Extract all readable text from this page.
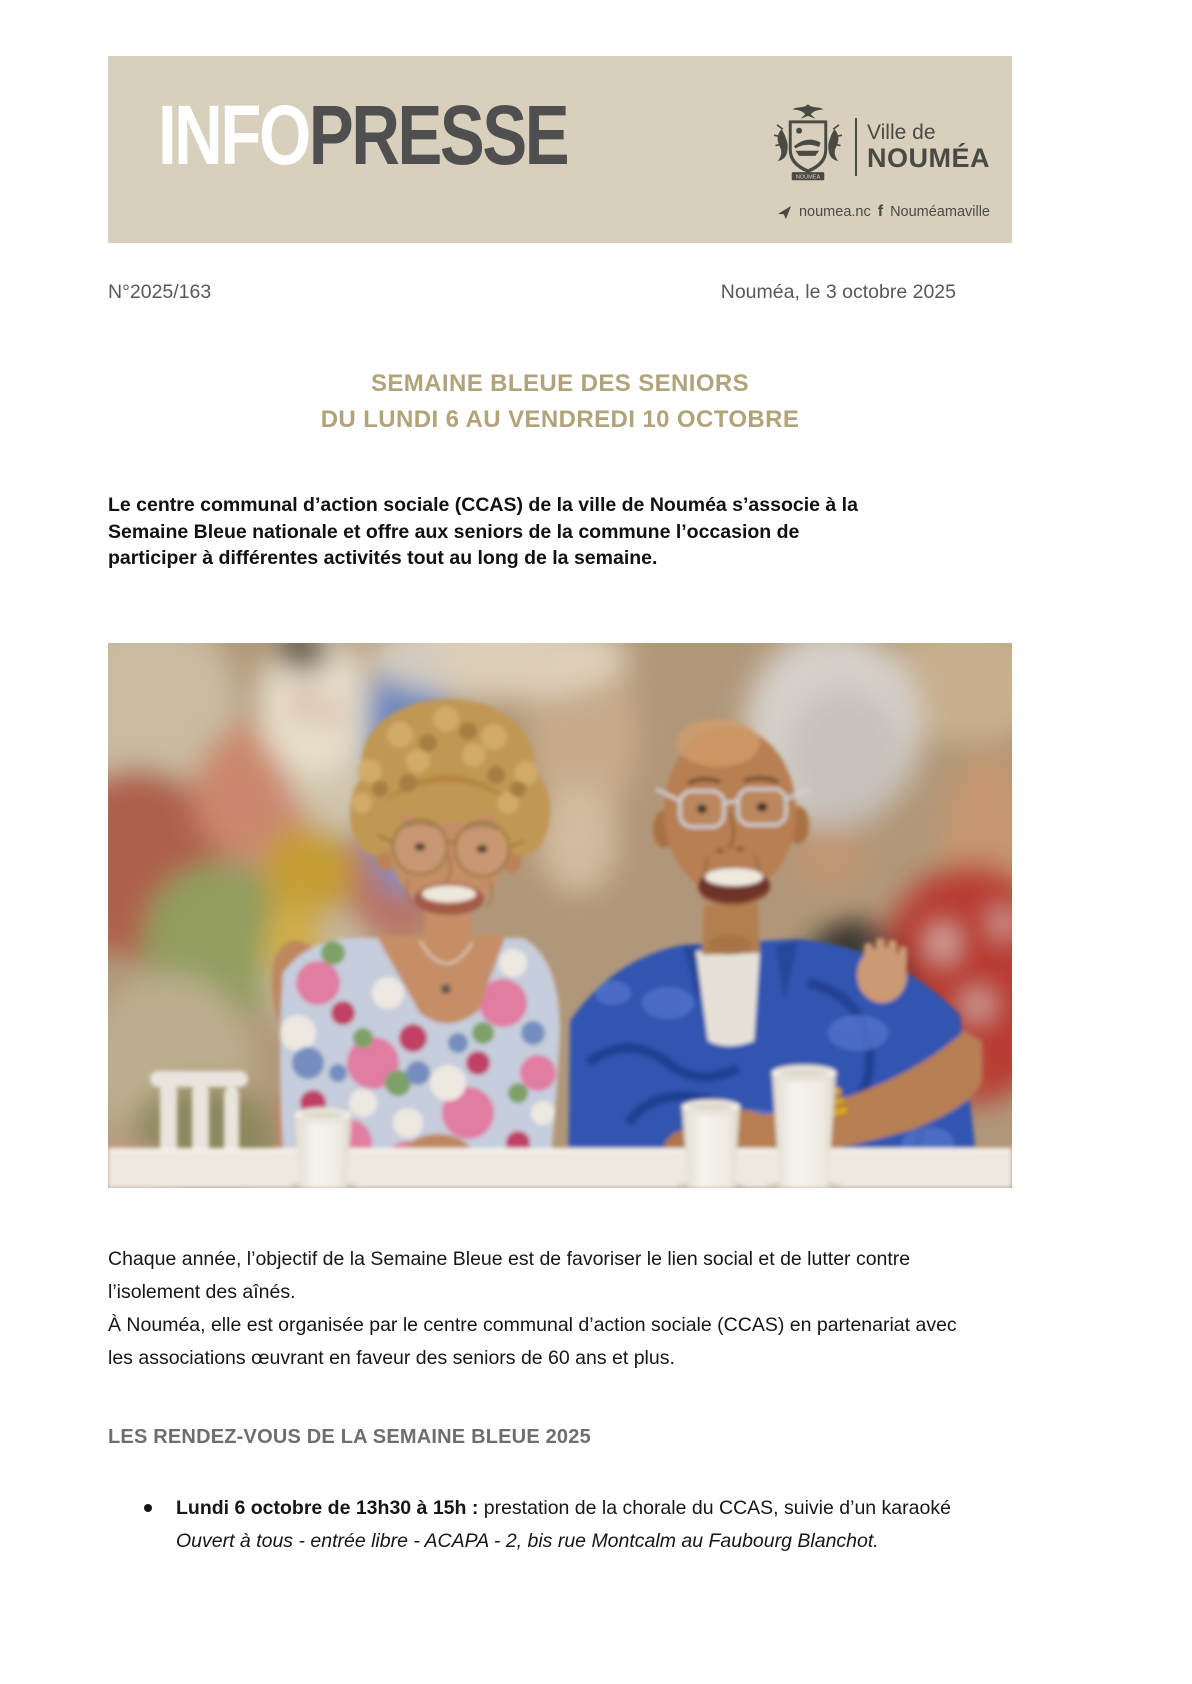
INFOPRESSE	NOUMÉA
Ville de
NOUMÉA
noumea.nc f Nouméamaville
N°2025/163	Nouméa, le 3 octobre 2025
SEMAINE BLEUE DES SENIORS
DU LUNDI 6 AU VENDREDI 10 OCTOBRE
Le centre communal d’action sociale (CCAS) de la ville de Nouméa s’associe à la
Semaine Bleue nationale et offre aux seniors de la commune l’occasion de
participer à différentes activités tout au long de la semaine.
Chaque année, l’objectif de la Semaine Bleue est de favoriser le lien social et de lutter contre
l’isolement des aînés.
À Nouméa, elle est organisée par le centre communal d’action sociale (CCAS) en partenariat avec
les associations œuvrant en faveur des seniors de 60 ans et plus.
LES RENDEZ-VOUS DE LA SEMAINE BLEUE 2025
Lundi 6 octobre de 13h30 à 15h : prestation de la chorale du CCAS, suivie d’un karaoké
Ouvert à tous - entrée libre - ACAPA - 2, bis rue Montcalm au Faubourg Blanchot.
